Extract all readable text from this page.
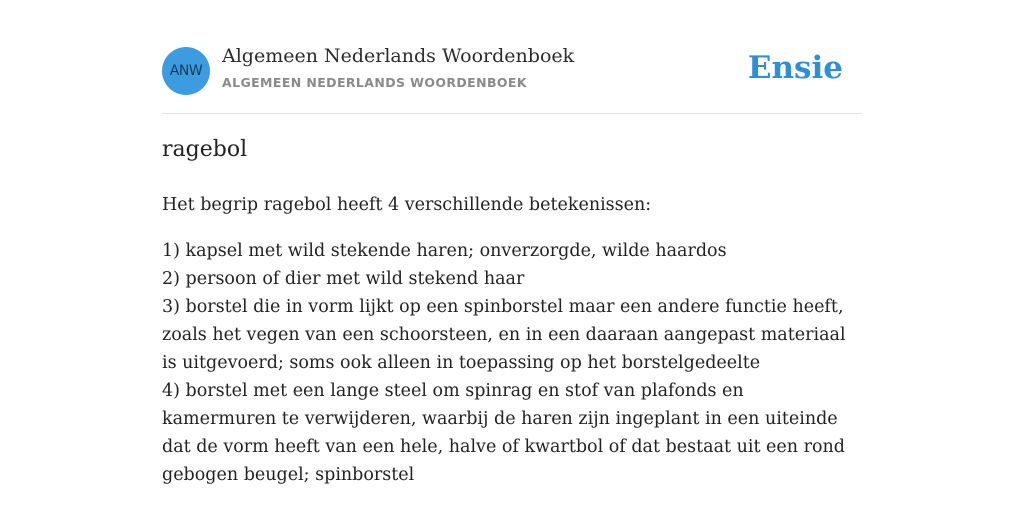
ANW
Algemeen Nederlands Woordenboek
ALGEMEEN NEDERLANDS WOORDENBOEK	Ensie
ragebol

Het begrip ragebol heeft 4 verschillende betekenissen:

1) kapsel met wild stekende haren; onverzorgde, wilde haardos
2) persoon of dier met wild stekend haar
3) borstel die in vorm lijkt op een spinborstel maar een andere functie heeft, zoals het vegen van een schoorsteen, en in een daaraan aangepast materiaal is uitgevoerd; soms ook alleen in toepassing op het borstelgedeelte
4) borstel met een lange steel om spinrag en stof van plafonds en kamermuren te verwijderen, waarbij de haren zijn ingeplant in een uiteinde dat de vorm heeft van een hele, halve of kwartbol of dat bestaat uit een rond gebogen beugel; spinborstel
